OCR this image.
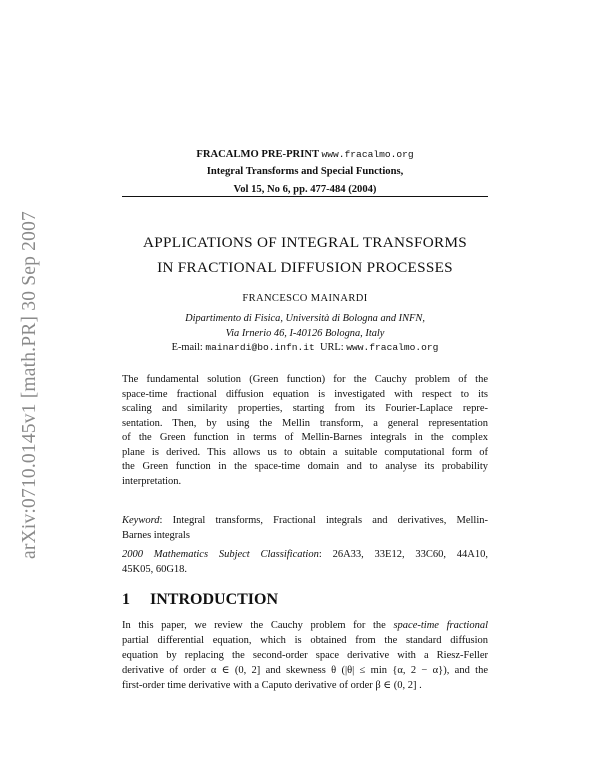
arXiv:0710.0145v1 [math.PR] 30 Sep 2007
FRACALMO PRE-PRINT www.fracalmo.org
Integral Transforms and Special Functions,
Vol 15, No 6, pp. 477-484 (2004)
APPLICATIONS OF INTEGRAL TRANSFORMS
IN FRACTIONAL DIFFUSION PROCESSES
FRANCESCO MAINARDI
Dipartimento di Fisica, Università di Bologna and INFN,
Via Irnerio 46, I-40126 Bologna, Italy
E-mail: mainardi@bo.infn.it URL: www.fracalmo.org
The fundamental solution (Green function) for the Cauchy problem of the
space-time fractional diffusion equation is investigated with respect to its
scaling and similarity properties, starting from its Fourier-Laplace repre-
sentation. Then, by using the Mellin transform, a general representation
of the Green function in terms of Mellin-Barnes integrals in the complex
plane is derived. This allows us to obtain a suitable computational form of
the Green function in the space-time domain and to analyse its probability
interpretation.
Keyword: Integral transforms, Fractional integrals and derivatives, Mellin-
Barnes integrals
2000 Mathematics Subject Classification: 26A33, 33E12, 33C60, 44A10,
45K05, 60G18.
1 INTRODUCTION
In this paper, we review the Cauchy problem for the space-time fractional
partial differential equation, which is obtained from the standard diffusion
equation by replacing the second-order space derivative with a Riesz-Feller
derivative of order α ∈ (0, 2] and skewness θ (|θ| ≤ min {α, 2 − α}), and the
first-order time derivative with a Caputo derivative of order β ∈ (0, 2] .
